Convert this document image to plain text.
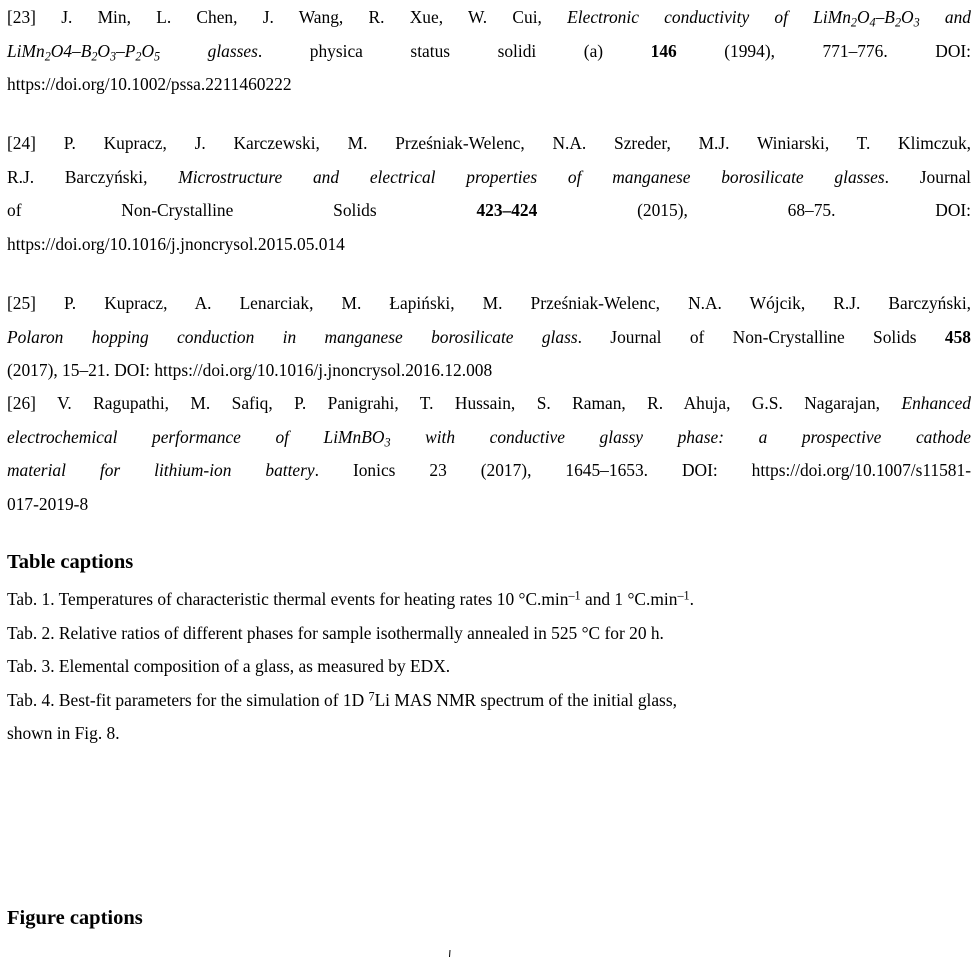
[23] J. Min, L. Chen, J. Wang, R. Xue, W. Cui, Electronic conductivity of $LiMn_2O_4-B_2O_3$ and

$LiMn_2O4-B_2O_3-P_2O_5$ glasses. physica status solidi (a) 146 (1994), 771–776. DOI:

https://doi.org/10.1002/pssa.2211460222

[24] P. Kupracz, J. Karczewski, M. Prześniak-Welenc, N.A. Szreder, M.J. Winiarski, T. Klimczuk,

R.J. Barczyński, Microstructure and electrical properties of manganese borosilicate glasses. Journal

of	Non-Crystalline	Solids	423–424	(2015),	68–75.	DOI:

https://doi.org/10.1016/j.jnoncrysol.2015.05.014

[25] P. Kupracz, A. Lenarciak, M. Łapiński, M. Prześniak-Welenc, N.A. Wójcik, R.J. Barczyński,

Polaron hopping conduction in manganese borosilicate glass. Journal of Non-Crystalline Solids 458

(2017), 15–21. DOI: https://doi.org/10.1016/j.jnoncrysol.2016.12.008

[26] V. Ragupathi, M. Safiq, P. Panigrahi, T. Hussain, S. Raman, R. Ahuja, G.S. Nagarajan, Enhanced

electrochemical performance of LiMnBO$_3$ with conductive glassy phase: a prospective cathode

material for lithium-ion battery. Ionics 23 (2017), 1645–1653. DOI: https://doi.org/10.1007/s11581-

017-2019-8

Table captions

Tab. 1. Temperatures of characteristic thermal events for heating rates 10 $^\circ C.\min^{-1}$ and 1 $^\circ C.\min^{-1}$.

Tab. 2. Relative ratios of different phases for sample isothermally annealed in 525 °C for 20 h.

Tab. 3. Elemental composition of a glass, as measured by EDX.

Tab. 4. Best-fit parameters for the simulation of 1D $^7$Li MAS NMR spectrum of the initial glass,

shown in Fig. 8.

Figure captions
